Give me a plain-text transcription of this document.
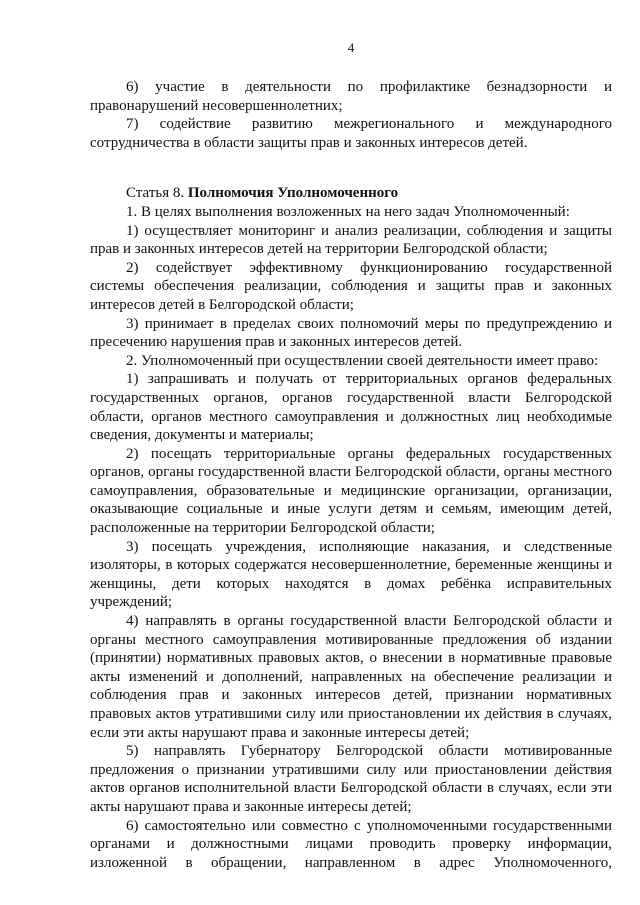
4

6) участие в деятельности по профилактике безнадзорности и правонарушений несовершеннолетних;

7) содействие развитию межрегионального и международного сотрудничества в области защиты прав и законных интересов детей.

Статья 8. Полномочия Уполномоченного

1. В целях выполнения возложенных на него задач Уполномоченный:

1) осуществляет мониторинг и анализ реализации, соблюдения и защиты прав и законных интересов детей на территории Белгородской области;

2) содействует эффективному функционированию государственной системы обеспечения реализации, соблюдения и защиты прав и законных интересов детей в Белгородской области;

3) принимает в пределах своих полномочий меры по предупреждению и пресечению нарушения прав и законных интересов детей.

2. Уполномоченный при осуществлении своей деятельности имеет право:

1) запрашивать и получать от территориальных органов федеральных государственных органов, органов государственной власти Белгородской области, органов местного самоуправления и должностных лиц необходимые сведения, документы и материалы;

2) посещать территориальные органы федеральных государственных органов, органы государственной власти Белгородской области, органы местного самоуправления, образовательные и медицинские организации, организации, оказывающие социальные и иные услуги детям и семьям, имеющим детей, расположенные на территории Белгородской области;

3) посещать учреждения, исполняющие наказания, и следственные изоляторы, в которых содержатся несовершеннолетние, беременные женщины и женщины, дети которых находятся в домах ребёнка исправительных учреждений;

4) направлять в органы государственной власти Белгородской области и органы местного самоуправления мотивированные предложения об издании (принятии) нормативных правовых актов, о внесении в нормативные правовые акты изменений и дополнений, направленных на обеспечение реализации и соблюдения прав и законных интересов детей, признании нормативных правовых актов утратившими силу или приостановлении их действия в случаях, если эти акты нарушают права и законные интересы детей;

5) направлять Губернатору Белгородской области мотивированные предложения о признании утратившими силу или приостановлении действия актов органов исполнительной власти Белгородской области в случаях, если эти акты нарушают права и законные интересы детей;

6) самостоятельно или совместно с уполномоченными государственными органами и должностными лицами проводить проверку информации, изложенной в обращении, направленном в адрес Уполномоченного,
